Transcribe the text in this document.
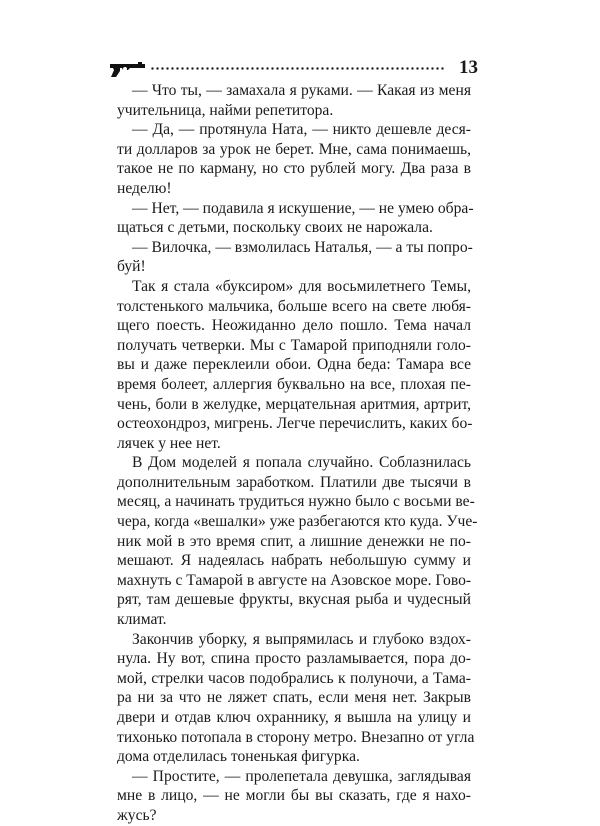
13
— Что ты, — замахала я руками. — Какая из меня
учительница, найми репетитора.
— Да, — протянула Ната, — никто дешевле деся-
ти долларов за урок не берет. Мне, сама понимаешь,
такое не по карману, но сто рублей могу. Два раза в
неделю!
— Нет, — подавила я искушение, — не умею обра-
щаться с детьми, поскольку своих не нарожала.
— Вилочка, — взмолилась Наталья, — а ты попро-
буй!
Так я стала «буксиром» для восьмилетнего Темы,
толстенького мальчика, больше всего на свете любя-
щего поесть. Неожиданно дело пошло. Тема начал
получать четверки. Мы с Тамарой приподняли голо-
вы и даже переклеили обои. Одна беда: Тамара все
время болеет, аллергия буквально на все, плохая пе-
чень, боли в желудке, мерцательная аритмия, артрит,
остеохондроз, мигрень. Легче перечислить, каких бо-
лячек у нее нет.
В Дом моделей я попала случайно. Соблазнилась
дополнительным заработком. Платили две тысячи в
месяц, а начинать трудиться нужно было с восьми ве-
чера, когда «вешалки» уже разбегаются кто куда. Уче-
ник мой в это время спит, а лишние денежки не по-
мешают. Я надеялась набрать небольшую сумму и
махнуть с Тамарой в августе на Азовское море. Гово-
рят, там дешевые фрукты, вкусная рыба и чудесный
климат.
Закончив уборку, я выпрямилась и глубоко вздох-
нула. Ну вот, спина просто разламывается, пора до-
мой, стрелки часов подобрались к полуночи, а Тама-
ра ни за что не ляжет спать, если меня нет. Закрыв
двери и отдав ключ охраннику, я вышла на улицу и
тихонько потопала в сторону метро. Внезапно от угла
дома отделилась тоненькая фигурка.
— Простите, — пролепетала девушка, заглядывая
мне в лицо, — не могли бы вы сказать, где я нахо-
жусь?
